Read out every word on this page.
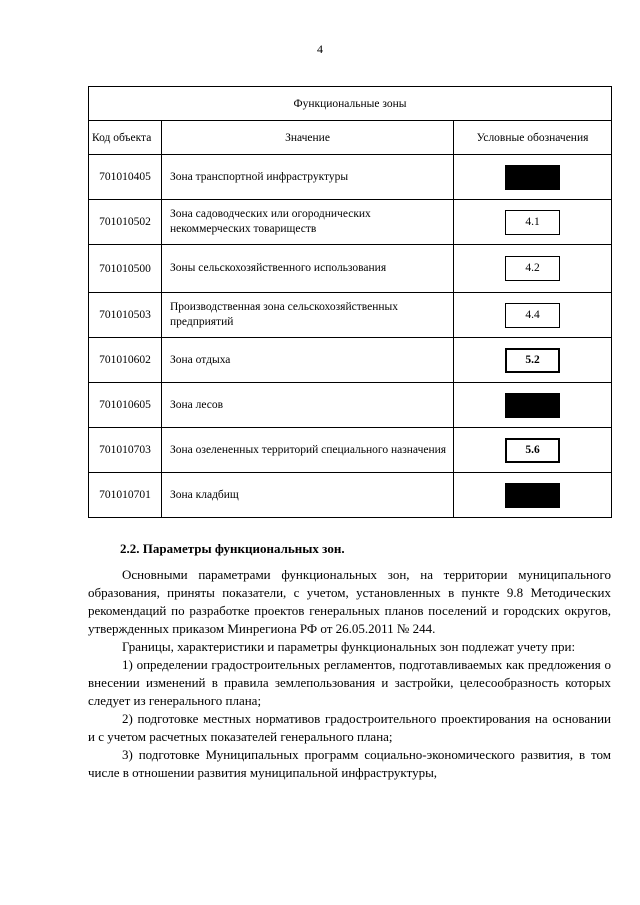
4
Функциональные зоны		
Код объекта	Значение	Условные обозначения
701010405	Зона транспортной инфраструктуры	
701010502	Зона садоводческих или огороднических некоммерческих товариществ	4.1
701010500	Зоны сельскохозяйственного использования	4.2
701010503	Производственная зона сельскохозяйственных предприятий	4.4
701010602	Зона отдыха	5.2
701010605	Зона лесов	
701010703	Зона озелененных территорий специального назначения	5.6
701010701	Зона кладбищ	
2.2. Параметры функциональных зон.

Основными параметрами функциональных зон, на территории муниципального образования, приняты показатели, с учетом, установленных в пункте 9.8 Методических рекомендаций по разработке проектов генеральных планов поселений и городских округов, утвержденных приказом Минрегиона РФ от 26.05.2011 № 244.

Границы, характеристики и параметры функциональных зон подлежат учету при:

1) определении градостроительных регламентов, подготавливаемых как предложения о внесении изменений в правила землепользования и застройки, целесообразность которых следует из генерального плана;

2) подготовке местных нормативов градостроительного проектирования на основании и с учетом расчетных показателей генерального плана;

3) подготовке Муниципальных программ социально-экономического развития, в том числе в отношении развития муниципальной инфраструктуры,
